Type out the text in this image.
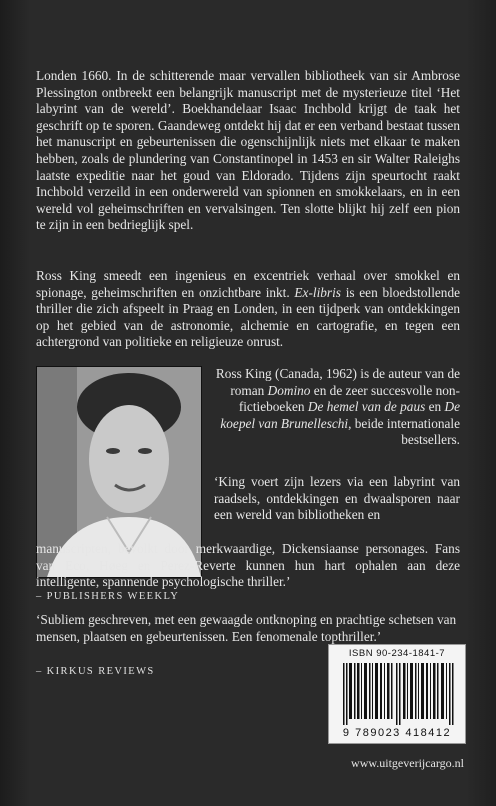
Londen 1660. In de schitterende maar vervallen bibliotheek van sir Ambrose Plessington ontbreekt een belangrijk manuscript met de mysterieuze titel ‘Het labyrint van de wereld’. Boekhandelaar Isaac Inchbold krijgt de taak het geschrift op te sporen. Gaandeweg ontdekt hij dat er een verband bestaat tussen het manuscript en gebeurtenissen die ogenschijnlijk niets met elkaar te maken hebben, zoals de plundering van Constantinopel in 1453 en sir Walter Raleighs laatste expeditie naar het goud van Eldorado. Tijdens zijn speurtocht raakt Inchbold verzeild in een onderwereld van spionnen en smokkelaars, en in een wereld vol geheimschriften en vervalsingen. Ten slotte blijkt hij zelf een pion te zijn in een bedrieglijk spel.

Ross King smeedt een ingenieus en excentriek verhaal over smokkel en spionage, geheimschriften en onzichtbare inkt. Ex-libris is een bloedstollende thriller die zich afspeelt in Praag en Londen, in een tijdperk van ontdekkingen op het gebied van de astronomie, alchemie en cartografie, en tegen een achtergrond van politieke en religieuze onrust.

Ross King (Canada, 1962) is de auteur van de roman Domino en de zeer succesvolle non-fictieboeken De hemel van de paus en De koepel van Brunelleschi, beide internationale bestsellers.

‘King voert zijn lezers via een labyrint van raadsels, ontdekkingen en dwaalsporen naar een wereld van bibliotheken en

manuscripten, bevolkt door merkwaardige, Dickensiaanse personages. Fans van Eco, Høeg en Perez-Reverte kunnen hun hart ophalen aan deze intelligente, spannende psychologische thriller.’

– PUBLISHERS WEEKLY

‘Subliem geschreven, met een gewaagde ontknoping en prachtige schetsen van mensen, plaatsen en gebeurtenissen. Een fenomenale topthriller.’

– KIRKUS REVIEWS

ISBN 90-234-1841-7
9 789023 418412
www.uitgeverijcargo.nl
